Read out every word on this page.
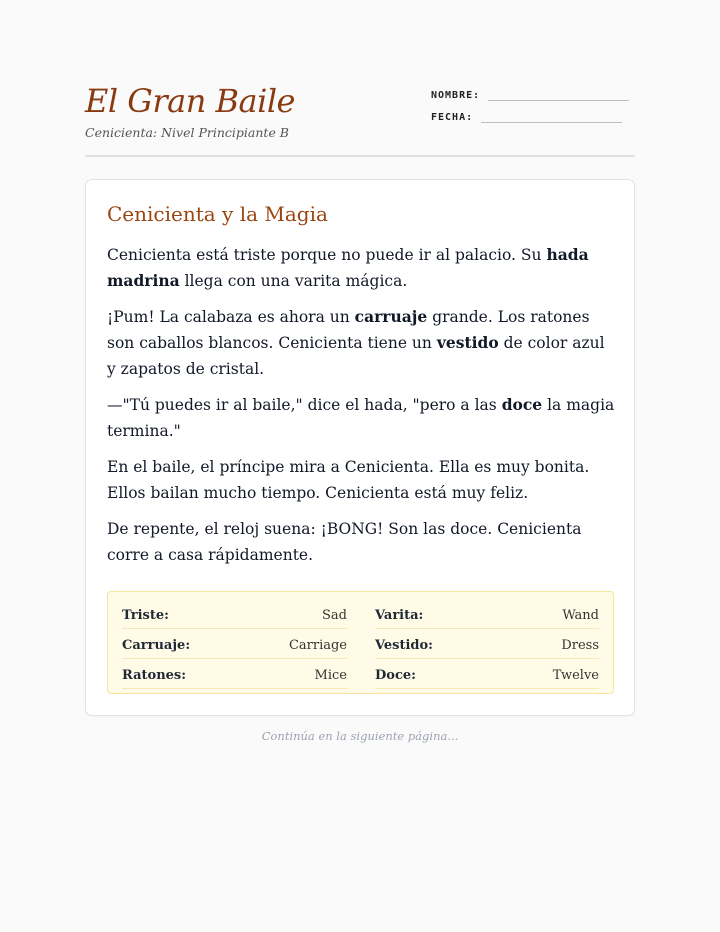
El Gran Baile

Cenicienta: Nivel Principiante B

NOMBRE:
FECHA:
Cenicienta y la Magia

Cenicienta está triste porque no puede ir al palacio. Su hada madrina llega con una varita mágica.

¡Pum! La calabaza es ahora un carruaje grande. Los ratones son caballos blancos. Cenicienta tiene un vestido de color azul y zapatos de cristal.

—"Tú puedes ir al baile," dice el hada, "pero a las doce la magia termina."

En el baile, el príncipe mira a Cenicienta. Ella es muy bonita. Ellos bailan mucho tiempo. Cenicienta está muy feliz.

De repente, el reloj suena: ¡BONG! Son las doce. Cenicienta corre a casa rápidamente.

Triste:	Sad Varita:	Wand
Carruaje:	Carriage Vestido:	Dress
Ratones:	Mice Doce:	Twelve
Continúa en la siguiente página...
